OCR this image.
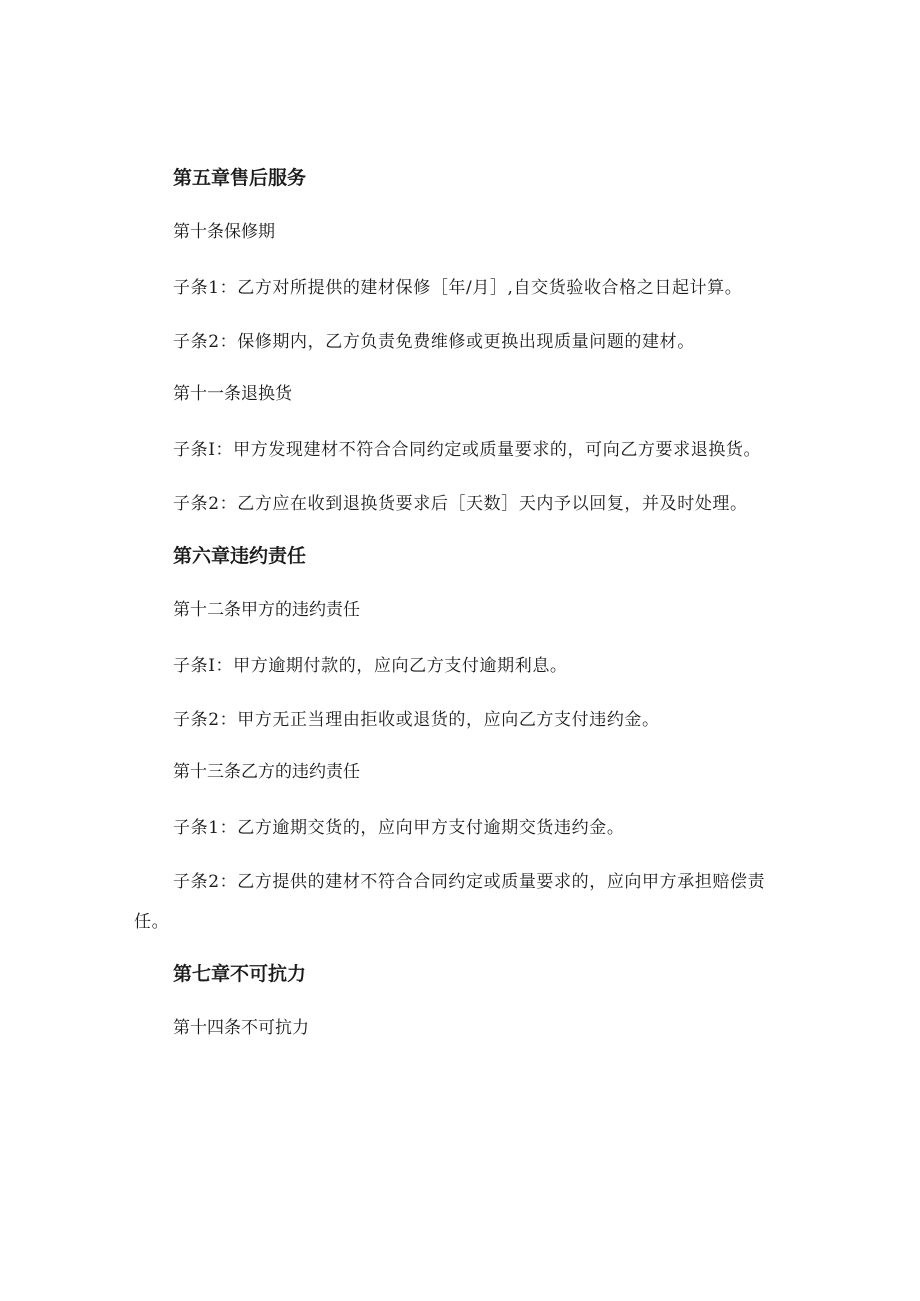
第五章售后服务
第十条保修期
子条1：乙方对所提供的建材保修［年/月］,自交货验收合格之日起计算。
子条2：保修期内，乙方负责免费维修或更换出现质量问题的建材。
第十一条退换货
子条I：甲方发现建材不符合合同约定或质量要求的，可向乙方要求退换货。
子条2：乙方应在收到退换货要求后［天数］天内予以回复，并及时处理。
第六章违约责任
第十二条甲方的违约责任
子条I：甲方逾期付款的，应向乙方支付逾期利息。
子条2：甲方无正当理由拒收或退货的，应向乙方支付违约金。
第十三条乙方的违约责任
子条1：乙方逾期交货的，应向甲方支付逾期交货违约金。
子条2：乙方提供的建材不符合合同约定或质量要求的，应向甲方承担赔偿责任。
第七章不可抗力
第十四条不可抗力
